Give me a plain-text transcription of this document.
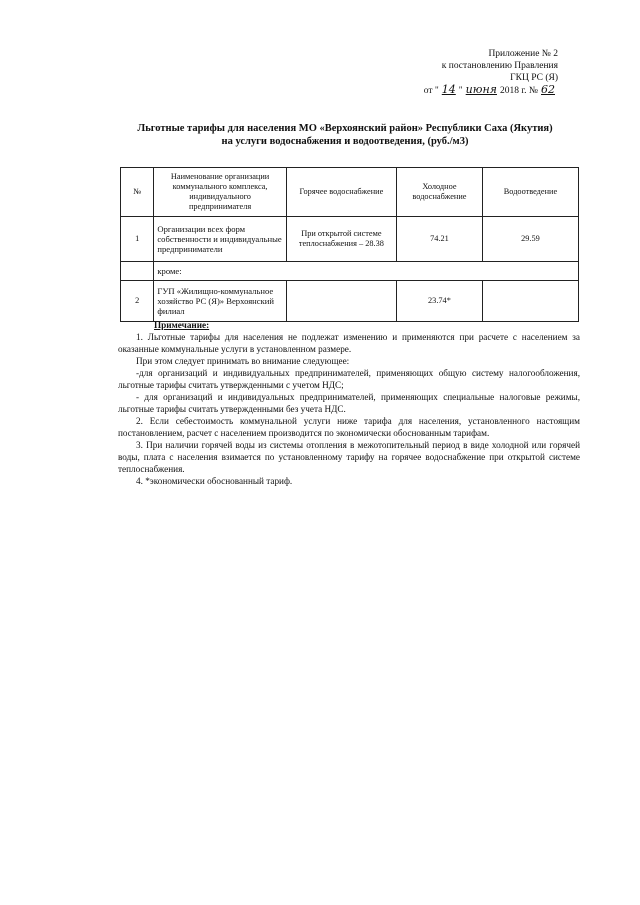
Приложение № 2
к постановлению Правления
ГКЦ РС (Я)
от " 14 " июня 2018 г. № 62
Льготные тарифы для населения МО «Верхоянский район» Республики Саха (Якутия)
на услуги водоснабжения и водоотведения, (руб./м3)
№	Наименование организации коммунального комплекса, индивидуального предпринимателя	Горячее водоснабжение	Холодное водоснабжение	Водоотведение
1	Организации всех форм собственности и индивидуальные предприниматели	При открытой системе теплоснабжения – 28.38	74.21	29.59
	кроме:			
2	ГУП «Жилищно-коммунальное хозяйство РС (Я)» Верхоянский филиал		23.74*	

Примечание:

1. Льготные тарифы для населения не подлежат изменению и применяются при расчете с населением за оказанные коммунальные услуги в установленном размере.

При этом следует принимать во внимание следующее:

-для организаций и индивидуальных предпринимателей, применяющих общую систему налогообложения, льготные тарифы считать утвержденными с учетом НДС;

- для организаций и индивидуальных предпринимателей, применяющих специальные налоговые режимы, льготные тарифы считать утвержденными без учета НДС.

2. Если себестоимость коммунальной услуги ниже тарифа для населения, установленного настоящим постановлением, расчет с населением производится по экономически обоснованным тарифам.

3. При наличии горячей воды из системы отопления в межотопительный период в виде холодной или горячей воды, плата с населения взимается по установленному тарифу на горячее водоснабжение при открытой системе теплоснабжения.

4. *экономически обоснованный тариф.
